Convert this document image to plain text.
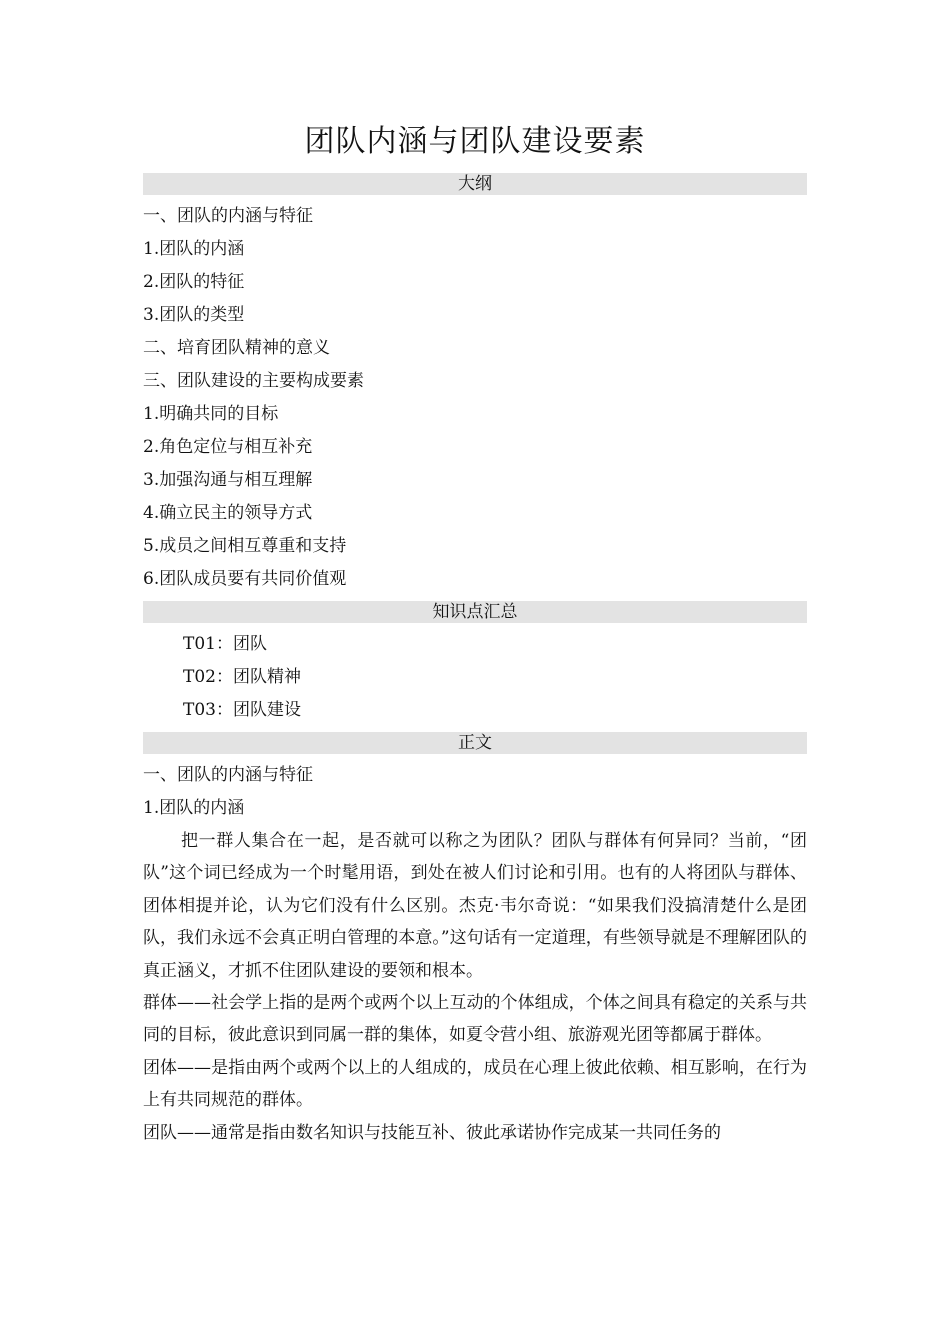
团队内涵与团队建设要素
大纲
一、团队的内涵与特征
1.团队的内涵
2.团队的特征
3.团队的类型
二、培育团队精神的意义
三、团队建设的主要构成要素
1.明确共同的目标
2.角色定位与相互补充
3.加强沟通与相互理解
4.确立民主的领导方式
5.成员之间相互尊重和支持
6.团队成员要有共同价值观
知识点汇总
T01：团队
T02：团队精神
T03：团队建设
正文
一、团队的内涵与特征
1.团队的内涵

把一群人集合在一起，是否就可以称之为团队？团队与群体有何异同？当前，“团队”这个词已经成为一个时髦用语，到处在被人们讨论和引用。也有的人将团队与群体、团体相提并论，认为它们没有什么区别。杰克·韦尔奇说：“如果我们没搞清楚什么是团队，我们永远不会真正明白管理的本意。”这句话有一定道理，有些领导就是不理解团队的真正涵义，才抓不住团队建设的要领和根本。

群体——社会学上指的是两个或两个以上互动的个体组成，个体之间具有稳定的关系与共同的目标，彼此意识到同属一群的集体，如夏令营小组、旅游观光团等都属于群体。

团体——是指由两个或两个以上的人组成的，成员在心理上彼此依赖、相互影响，在行为上有共同规范的群体。

团队——通常是指由数名知识与技能互补、彼此承诺协作完成某一共同任务的
